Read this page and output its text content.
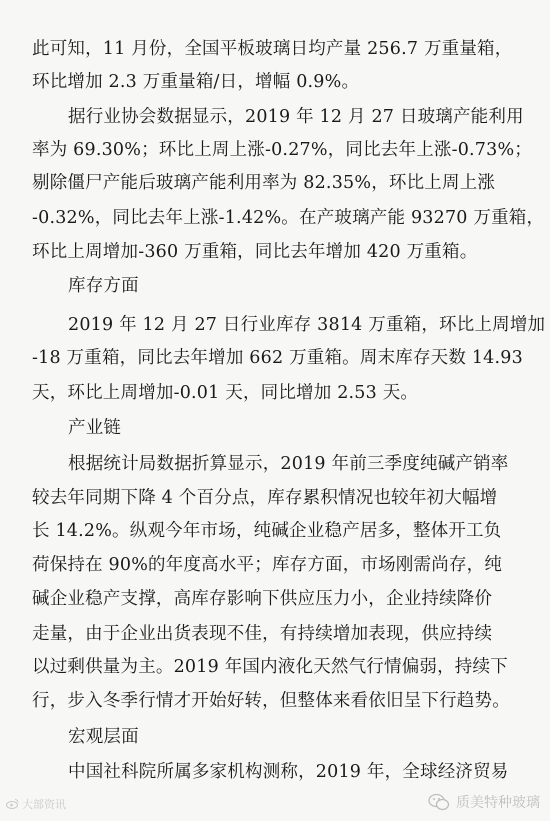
此可知，11 月份，全国平板玻璃日均产量 256.7 万重量箱，
环比增加 2.3 万重量箱/日，增幅 0.9%。
据行业协会数据显示，2019 年 12 月 27 日玻璃产能利用
率为 69.30%；环比上周上涨-0.27%，同比去年上涨-0.73%；
剔除僵尸产能后玻璃产能利用率为 82.35%，环比上周上涨
-0.32%，同比去年上涨-1.42%。在产玻璃产能 93270 万重箱，
环比上周增加-360 万重箱，同比去年增加 420 万重箱。
库存方面
2019 年 12 月 27 日行业库存 3814 万重箱，环比上周增加
-18 万重箱，同比去年增加 662 万重箱。周末库存天数 14.93
天，环比上周增加-0.01 天，同比增加 2.53 天。
产业链
根据统计局数据折算显示，2019 年前三季度纯碱产销率
较去年同期下降 4 个百分点，库存累积情况也较年初大幅增
长 14.2%。纵观今年市场，纯碱企业稳产居多，整体开工负
荷保持在 90%的年度高水平；库存方面，市场刚需尚存，纯
碱企业稳产支撑，高库存影响下供应压力小，企业持续降价
走量，由于企业出货表现不佳，有持续增加表现，供应持续
以过剩供量为主。2019 年国内液化天然气行情偏弱，持续下
行，步入冬季行情才开始好转，但整体来看依旧呈下行趋势。
宏观层面
中国社科院所属多家机构测称，2019 年，全球经济贸易
大部资讯	质美特种玻璃
